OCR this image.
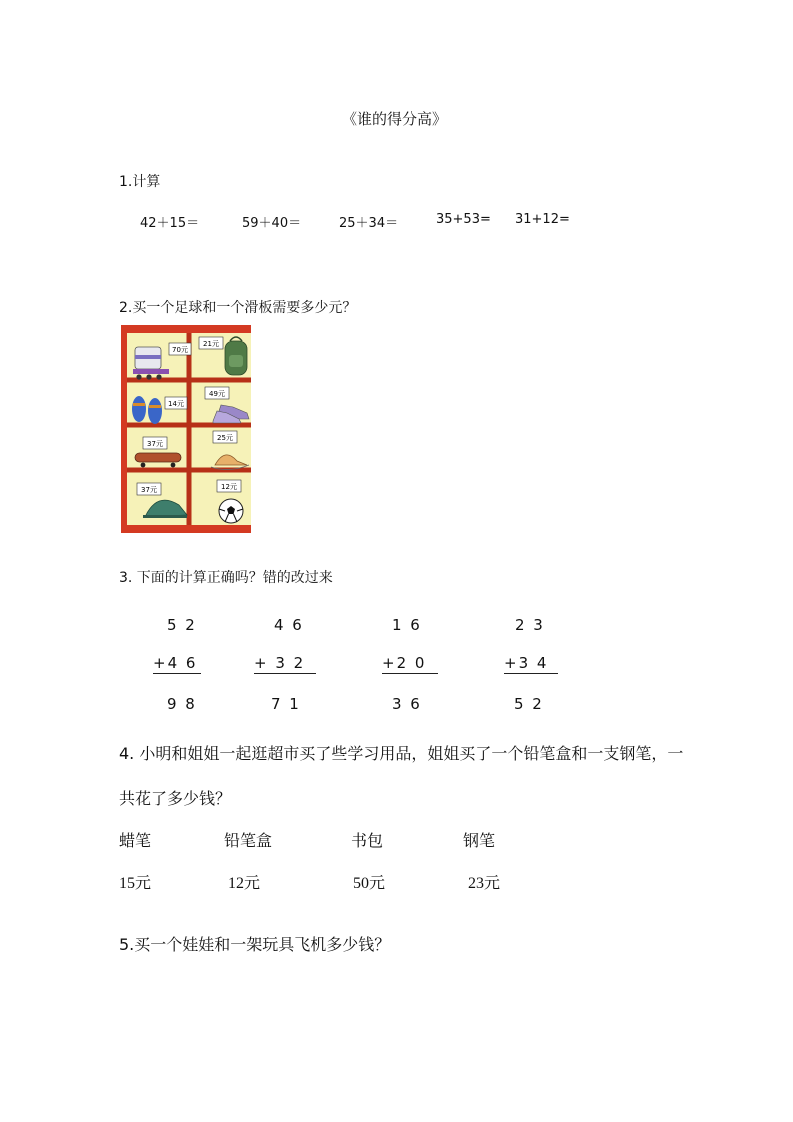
《谁的得分高》
1.计算
42＋15＝	59＋40＝	25＋34＝	35+53= 31+12=
2.买一个足球和一个滑板需要多少元？
70元
21元
14元
49元
37元
25元
37元	12元
3. 下面的计算正确吗？错的改过来
5 2
+4 6
9 8
4 6
+ 3 2
7 1
1 6
+2 0
3 6
2 3
+3 4
5 2
4. 小明和姐姐一起逛超市买了些学习用品，姐姐买了一个铅笔盒和一支钢笔，一
共花了多少钱？
蜡笔	铅笔盒	书包	钢笔
15元	12元	50元	23元
5.买一个娃娃和一架玩具飞机多少钱？
